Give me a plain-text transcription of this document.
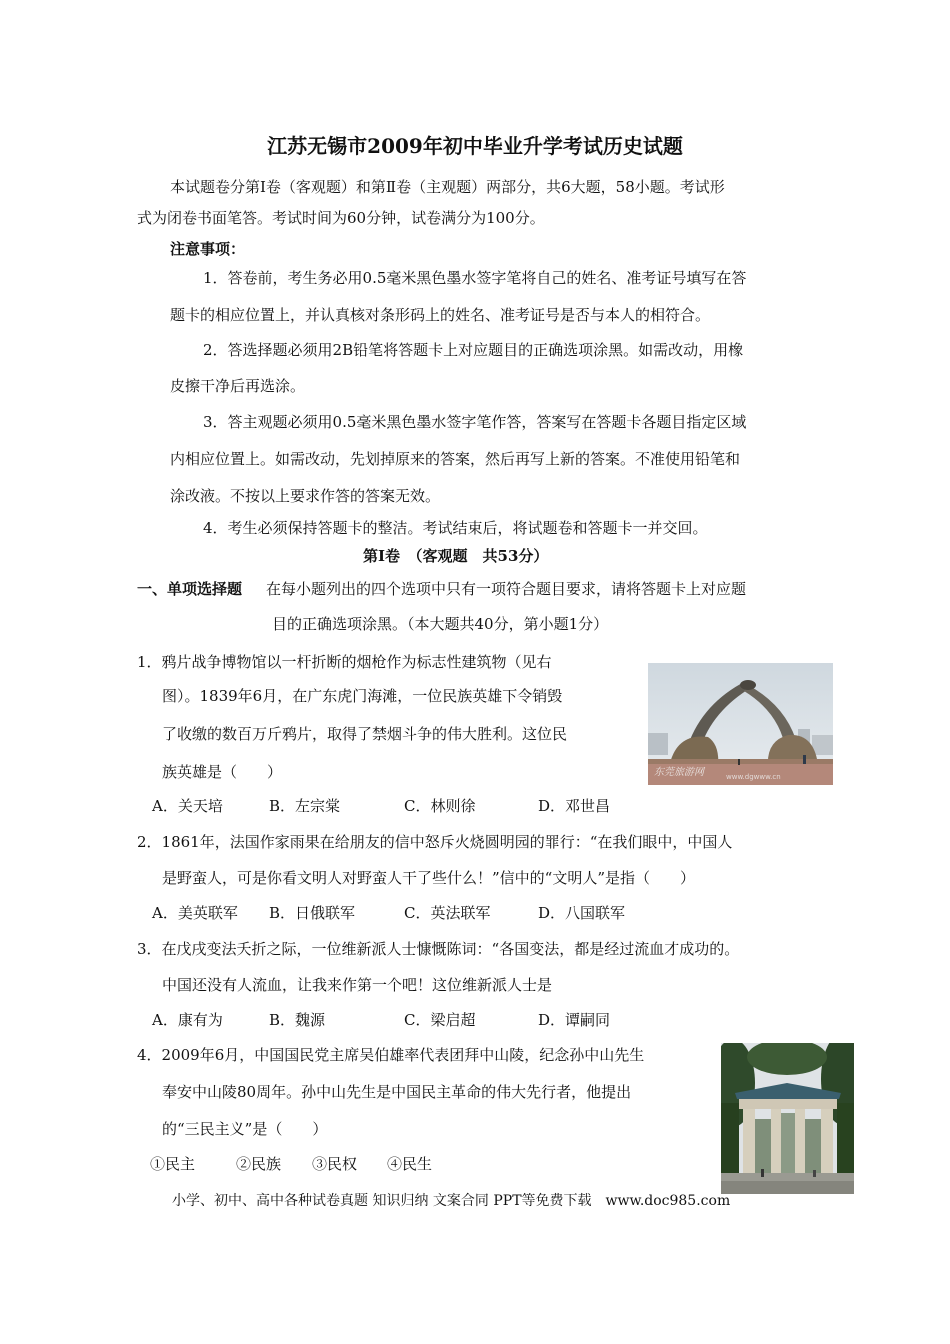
江苏无锡市2009年初中毕业升学考试历史试题
本试题卷分第Ⅰ卷（客观题）和第Ⅱ卷（主观题）两部分，共6大题，58小题。考试形
式为闭卷书面笔答。考试时间为60分钟，试卷满分为100分。
注意事项：
1．答卷前，考生务必用0.5毫米黑色墨水签字笔将自己的姓名、准考证号填写在答
题卡的相应位置上，并认真核对条形码上的姓名、准考证号是否与本人的相符合。
2．答选择题必须用2B铅笔将答题卡上对应题目的正确选项涂黑。如需改动，用橡
皮擦干净后再选涂。
3．答主观题必须用0.5毫米黑色墨水签字笔作答，答案写在答题卡各题目指定区域
内相应位置上。如需改动，先划掉原来的答案，然后再写上新的答案。不准使用铅笔和
涂改液。不按以上要求作答的答案无效。
4．考生必须保持答题卡的整洁。考试结束后，将试题卷和答题卡一并交回。
第Ⅰ卷　（客观题　共53分）
一、单项选择题 在每小题列出的四个选项中只有一项符合题目要求，请将答题卡上对应题
目的正确选项涂黑。（本大题共40分，第小题1分）
1．鸦片战争博物馆以一杆折断的烟枪作为标志性建筑物（见右
图）。1839年6月，在广东虎门海滩，一位民族英雄下令销毁
了收缴的数百万斤鸦片，取得了禁烟斗争的伟大胜利。这位民
族英雄是（　　）
A．关天培	B．左宗棠	C．林则徐	D．邓世昌
东莞旅游网	www.dgwww.cn
2．1861年，法国作家雨果在给朋友的信中怒斥火烧圆明园的罪行：“在我们眼中，中国人
是野蛮人，可是你看文明人对野蛮人干了些什么！”信中的“文明人”是指（　　）
A．美英联军 B．日俄联军	C．英法联军	D．八国联军
3．在戊戌变法夭折之际，一位维新派人士慷慨陈词：“各国变法，都是经过流血才成功的。
中国还没有人流血，让我来作第一个吧！这位维新派人士是
A．康有为	B．魏源	C．梁启超	D．谭嗣同
4．2009年6月，中国国民党主席吴伯雄率代表团拜中山陵，纪念孙中山先生
奉安中山陵80周年。孙中山先生是中国民主革命的伟大先行者，他提出
的“三民主义”是（　　）
①民主	②民族 ③民权 ④民生
小学、初中、高中各种试卷真题 知识归纳 文案合同 PPT等免费下载　www.doc985.com
